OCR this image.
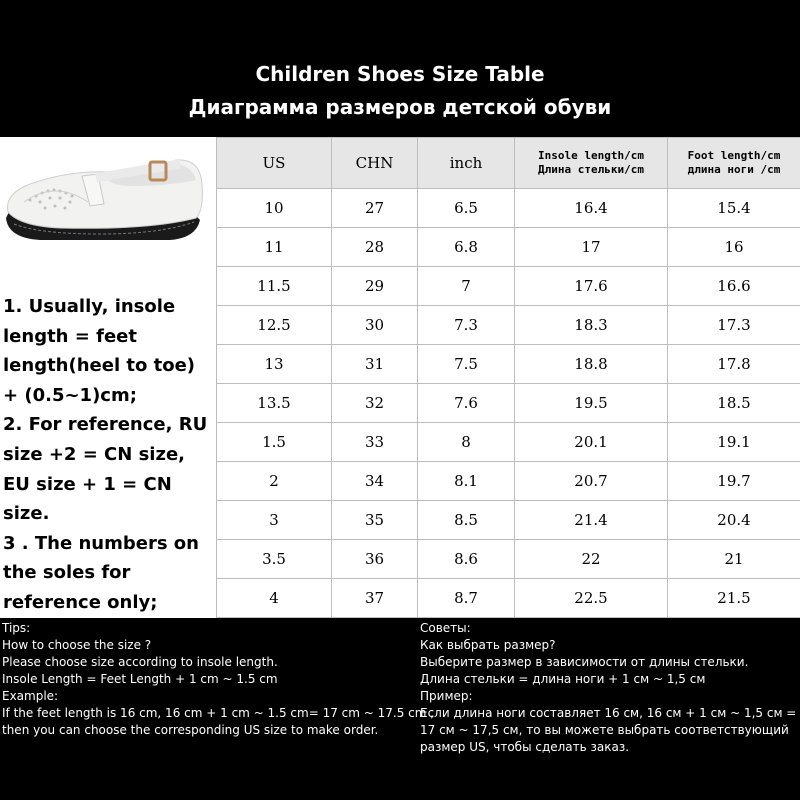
Children Shoes Size Table
Диаграмма размеров детской обуви
1. Usually, insole length = feet length(heel to toe) + (0.5~1)cm;
2. For reference, RU size +2 = CN size, EU size + 1 = CN size.
3 . The numbers on the soles for reference only;
US	CHN	inch	Insole length/cm Длина стельки/cm	Foot length/cm длина ноги /cm
10	27	6.5	16.4	15.4
11	28	6.8	17	16
11.5	29	7	17.6	16.6
12.5	30	7.3	18.3	17.3
13	31	7.5	18.8	17.8
13.5	32	7.6	19.5	18.5
1.5	33	8	20.1	19.1
2	34	8.1	20.7	19.7
3	35	8.5	21.4	20.4
3.5	36	8.6	22	21
4	37	8.7	22.5	21.5
Tips:
How to choose the size ?
Please choose size according to insole length.
Insole Length = Feet Length + 1 cm ~ 1.5 cm
Example:
If the feet length is 16 cm, 16 cm + 1 cm ~ 1.5 cm= 17 cm ~ 17.5 cm ,
then you can choose the corresponding US size to make order.
Советы:
Как выбрать размер?
Выберите размер в зависимости от длины стельки.
Длина стельки = длина ноги + 1 см ~ 1,5 см
Пример:
Если длина ноги составляет 16 см, 16 см + 1 см ~ 1,5 см = 17 см ~ 17,5 см, то вы можете выбрать соответствующий размер US, чтобы сделать заказ.
